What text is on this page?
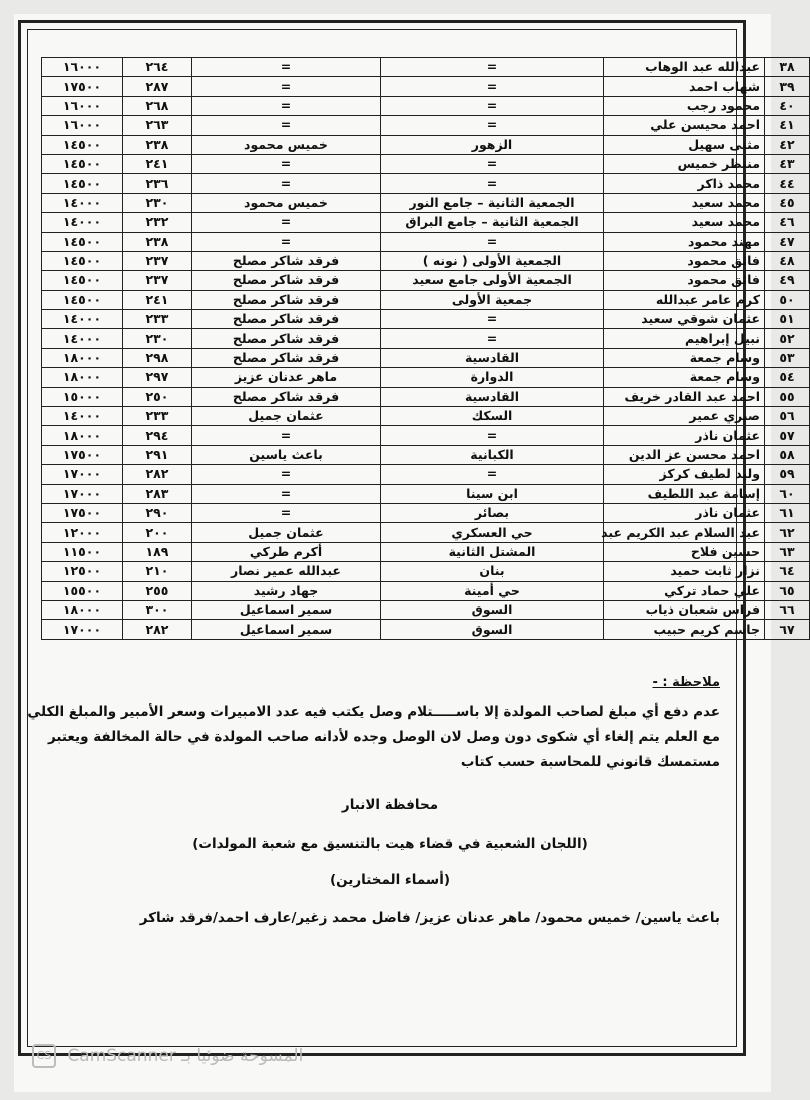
٣٨	عبدالله عبد الوهاب	=	=	٢٦٤	١٦٠٠٠
٣٩	شهاب احمد	=	=	٢٨٧	١٧٥٠٠
٤٠	محمود رجب	=	=	٢٦٨	١٦٠٠٠
٤١	احمد محيسن علي	=	=	٢٦٣	١٦٠٠٠
٤٢	مثنى سهيل	الزهور	خميس محمود	٢٣٨	١٤٥٠٠
٤٣	منتظر خميس	=	=	٢٤١	١٤٥٠٠
٤٤	محمد ذاكر	=	=	٢٣٦	١٤٥٠٠
٤٥	محمد سعيد	الجمعية الثانية – جامع النور	خميس محمود	٢٣٠	١٤٠٠٠
٤٦	محمد سعيد	الجمعية الثانية – جامع البراق	=	٢٣٢	١٤٠٠٠
٤٧	مهند محمود	=	=	٢٣٨	١٤٥٠٠
٤٨	فائق محمود	الجمعية الأولى ( نونه )	فرقد شاكر مصلح	٢٣٧	١٤٥٠٠
٤٩	فائق محمود	الجمعية الأولى جامع سعيد	فرقد شاكر مصلح	٢٣٧	١٤٥٠٠
٥٠	كرم عامر عبدالله	جمعية الأولى	فرقد شاكر مصلح	٢٤١	١٤٥٠٠
٥١	عثمان شوقي سعيد	=	فرقد شاكر مصلح	٢٣٣	١٤٠٠٠
٥٢	نبيل إبراهيم	=	فرقد شاكر مصلح	٢٣٠	١٤٠٠٠
٥٣	وسام جمعة	القادسية	فرقد شاكر مصلح	٢٩٨	١٨٠٠٠
٥٤	وسام جمعة	الدوارة	ماهر عدنان عزيز	٢٩٧	١٨٠٠٠
٥٥	احمد عبد القادر خريف	القادسية	فرقد شاكر مصلح	٢٥٠	١٥٠٠٠
٥٦	صبري عمير	السكك	عثمان جميل	٢٣٣	١٤٠٠٠
٥٧	عثمان ناذر	=	=	٢٩٤	١٨٠٠٠
٥٨	احمد محسن عز الدين	الكبانية	باعث ياسين	٢٩١	١٧٥٠٠
٥٩	وليد لطيف كركز	=	=	٢٨٢	١٧٠٠٠
٦٠	إسامة عبد اللطيف	ابن سينا	=	٢٨٣	١٧٠٠٠
٦١	عثمان ناذر	بصائر	=	٢٩٠	١٧٥٠٠
٦٢	عبد السلام عبد الكريم عبد	حي العسكري	عثمان جميل	٢٠٠	١٢٠٠٠
٦٣	حسين فلاح	المشتل الثانية	أكرم طركي	١٨٩	١١٥٠٠
٦٤	نزار ثابت حميد	بنان	عبدالله عمير نصار	٢١٠	١٢٥٠٠
٦٥	علي حماد تركي	حي أمينة	جهاد رشيد	٢٥٥	١٥٥٠٠
٦٦	فراس شعبان ذياب	السوق	سمير اسماعيل	٣٠٠	١٨٠٠٠
٦٧	جاسم كريم حبيب	السوق	سمير اسماعيل	٢٨٢	١٧٠٠٠
ملاحظة : -
عدم دفع أي مبلغ لصاحب المولدة إلا باســـــتلام وصل يكتب فيه عدد الامبيرات وسعر الأمبير والمبلغ الكلي
مع العلم يتم إلغاء أي شكوى دون وصل لان الوصل وجده لأدانه صاحب المولدة في حالة المخالفة ويعتبر
مستمسك قانوني للمحاسبة حسب كتاب
محافظة الانبار
(اللجان الشعبية في قضاء هيت بالتنسيق مع شعبة المولدات)
(أسماء المختارين)
باعث ياسين/ خميس محمود/ ماهر عدنان عزيز/ فاضل محمد زغير/عارف احمد/فرقد شاكر
CS CamScanner المسوحة ضوئيا بـ
